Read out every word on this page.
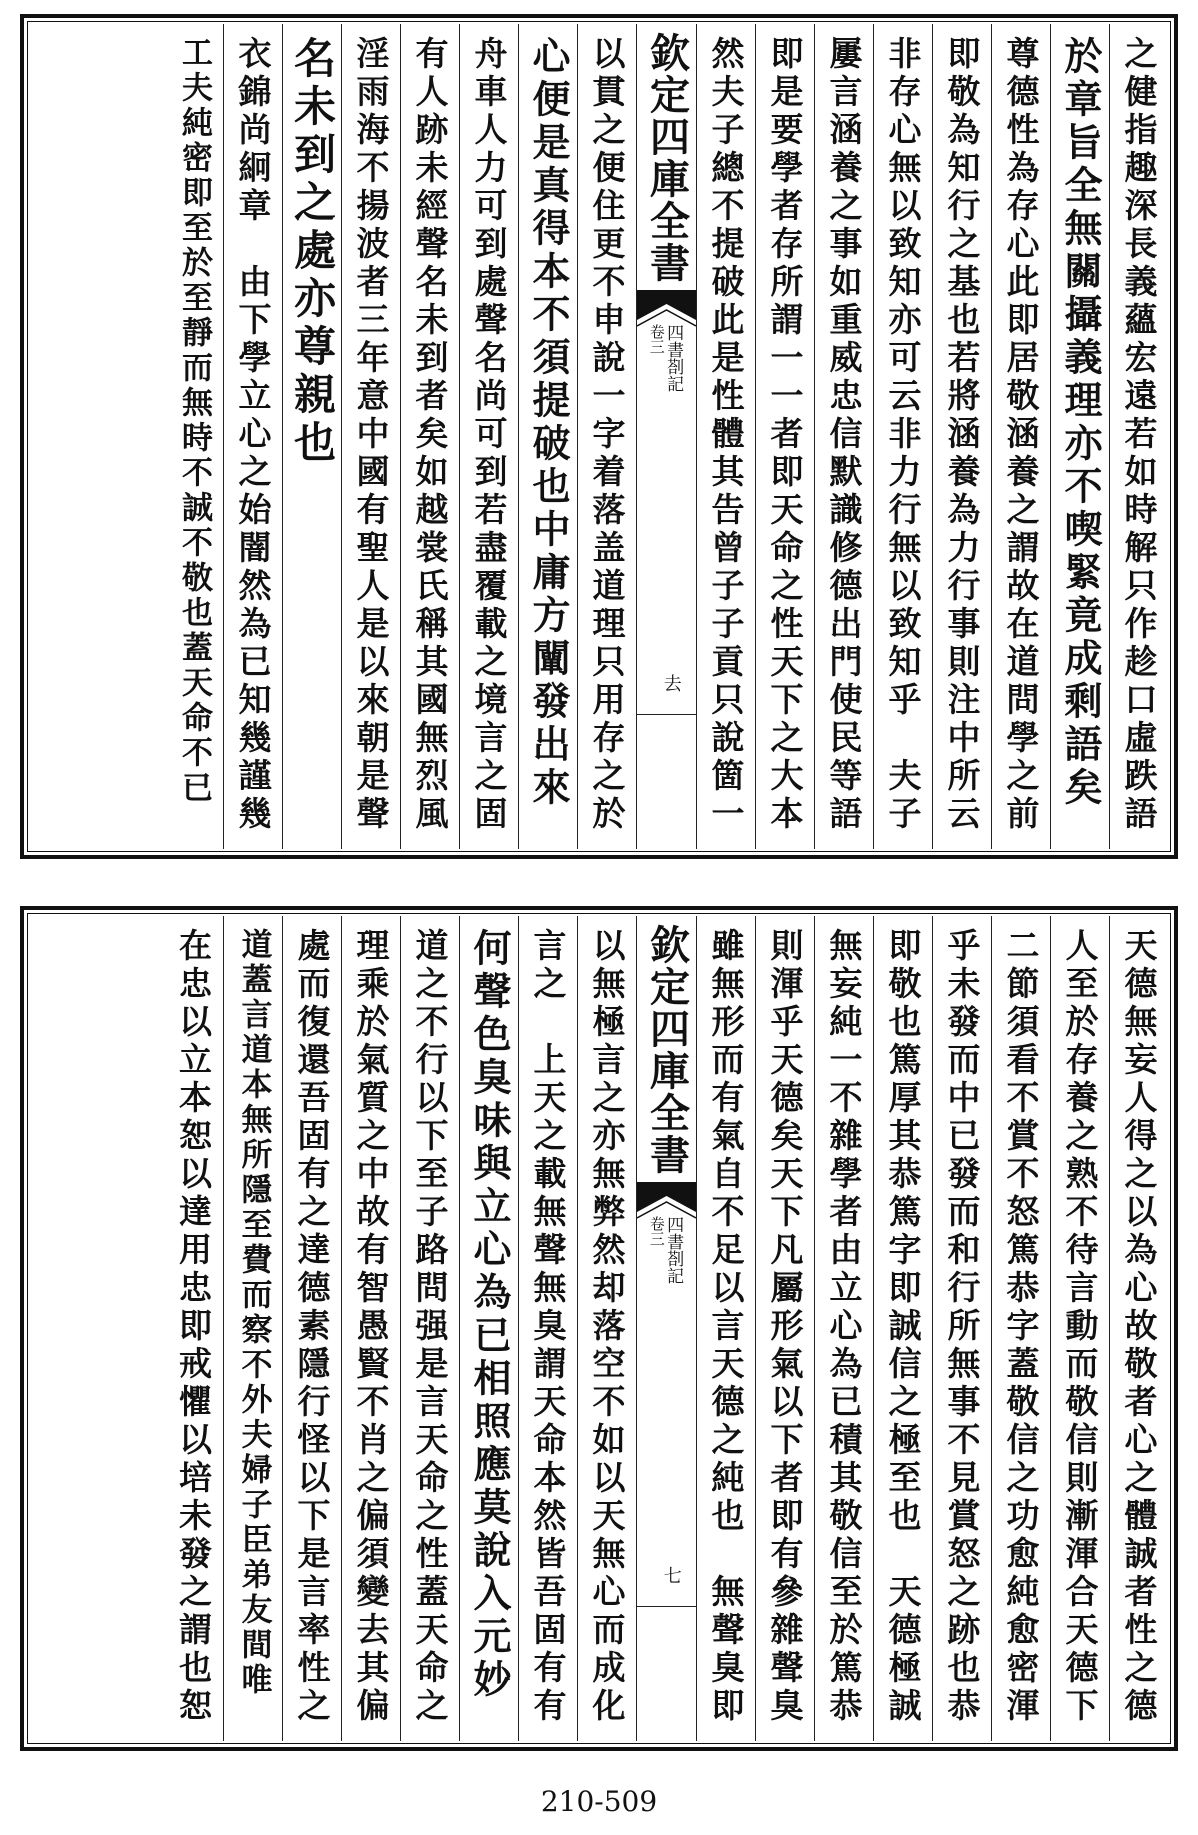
之健指趣深長義蘊宏遠若如時解只作趁口虛跌語
於章旨全無關攝義理亦不喫緊竟成剩語矣
尊德性為存心此即居敬涵養之謂故在道問學之前
即敬為知行之基也若將涵養為力行事則注中所云
非存心無以致知亦可云非力行無以致知乎　夫子
屢言涵養之事如重威忠信默識修德出門使民等語
即是要學者存所謂一一者即天命之性天下之大本
然夫子總不提破此是性體其告曾子子貢只說箇一
欽定四庫全書
四書剳記
卷三
去
以貫之便住更不申說一字着落盖道理只用存之於
心便是真得本不須提破也中庸方闡發出來
舟車人力可到處聲名尚可到若盡覆載之境言之固
有人跡未經聲名未到者矣如越裳氏稱其國無烈風
淫雨海不揚波者三年意中國有聖人是以來朝是聲
名未到之處亦尊親也
衣錦尚絅章　由下學立心之始闇然為已知幾謹幾
工夫純密即至於至靜而無時不誠不敬也蓋天命不已
天德無妄人得之以為心故敬者心之體誠者性之德
人至於存養之熟不待言動而敬信則漸渾合天德下
二節須看不賞不怒篤恭字蓋敬信之功愈純愈密渾
乎未發而中已發而和行所無事不見賞怒之跡也恭
即敬也篤厚其恭篤字即誠信之極至也　天德極誠
無妄純一不雜學者由立心為已積其敬信至於篤恭
則渾乎天德矣天下凡屬形氣以下者即有參雜聲臭
雖無形而有氣自不足以言天德之純也　無聲臭即
欽定四庫全書
四書剳記
卷三
七
以無極言之亦無弊然却落空不如以天無心而成化
言之　上天之載無聲無臭謂天命本然皆吾固有有
何聲色臭味與立心為已相照應莫說入元妙
道之不行以下至子路問强是言天命之性蓋天命之
理乘於氣質之中故有智愚賢不肖之偏須變去其偏
處而復還吾固有之達德素隱行怪以下是言率性之
道蓋言道本無所隱至費而察不外夫婦子臣弟友間唯
在忠以立本恕以達用忠即戒懼以培未發之謂也恕
210-509
